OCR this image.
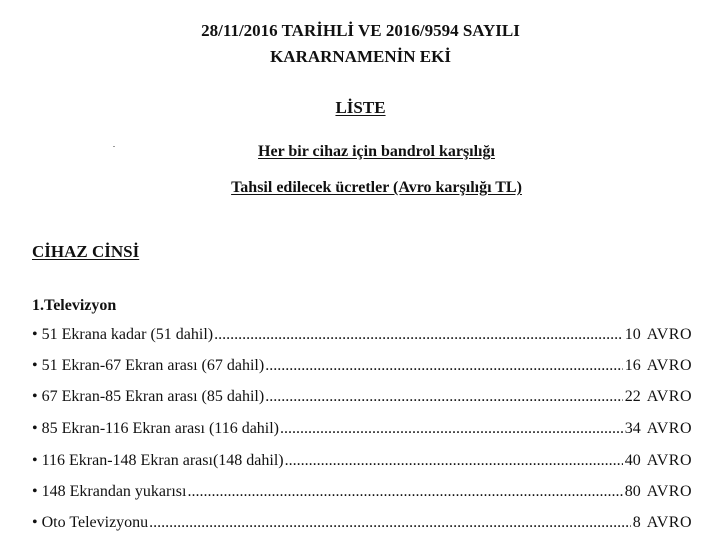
28/11/2016 TARİHLİ VE 2016/9594 SAYILI
KARARNAMENİN EKİ
LİSTE
Her bir cihaz için bandrol karşılığı
Tahsil edilecek ücretler (Avro karşılığı TL)
CİHAZ CİNSİ
1.Televizyon
•
51 Ekrana kadar (51 dahil) .....	10 AVRO
•
51 Ekran-67 Ekran arası (67 dahil) .....	16 AVRO
•
67 Ekran-85 Ekran arası (85 dahil) .....	22 AVRO
•
85 Ekran-116 Ekran arası (116 dahil) .....	34 AVRO
•
116 Ekran-148 Ekran arası(148 dahil) .....	40 AVRO
•
148 Ekrandan yukarısı .....	80 AVRO
•
Oto Televizyonu .....	8 AVRO
